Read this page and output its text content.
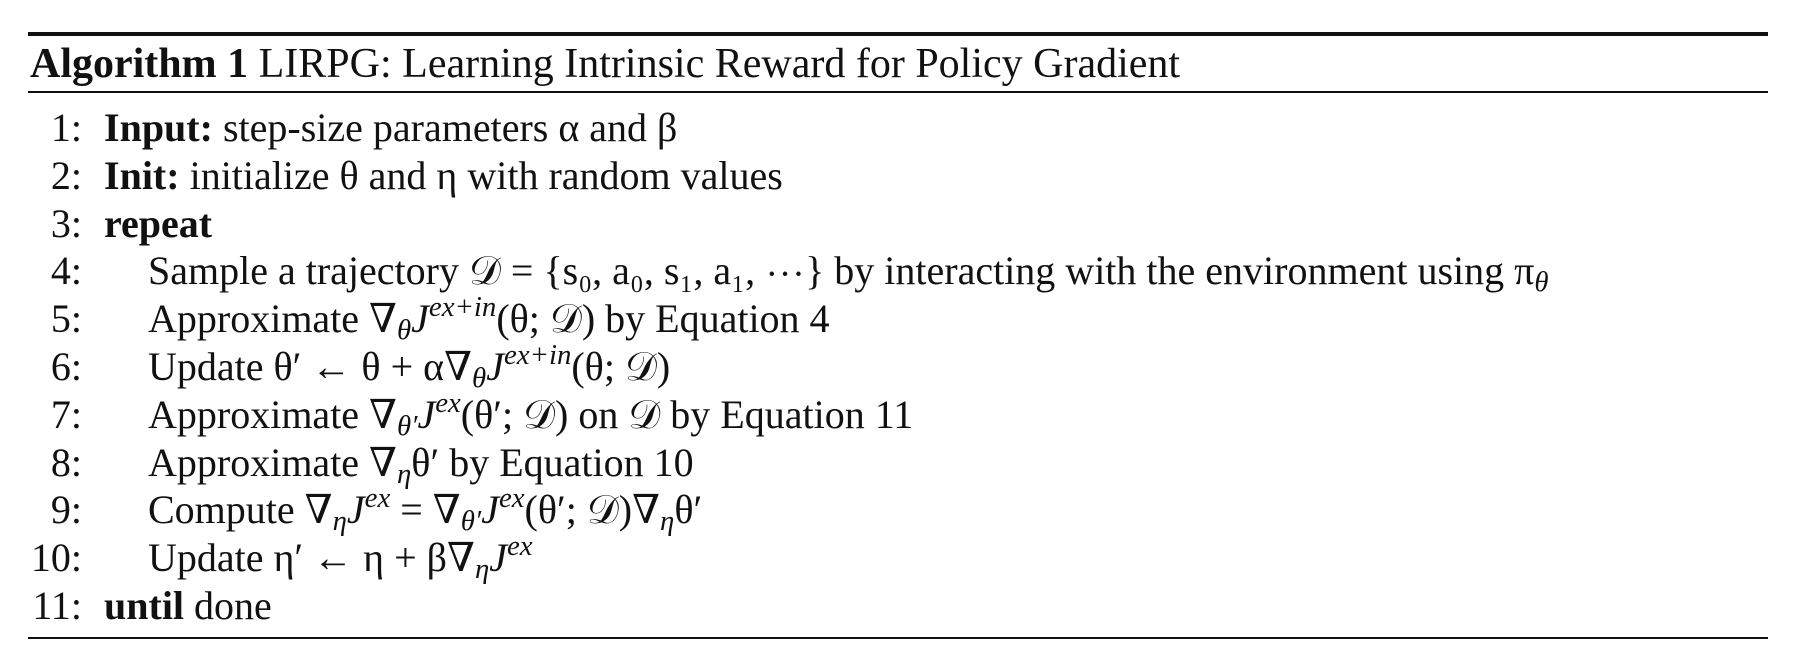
Algorithm 1 LIRPG: Learning Intrinsic Reward for Policy Gradient
1: Input: step-size parameters α and β
2: Init: initialize θ and η with random values
3: repeat
4: Sample a trajectory 𝒟 = {s₀, a₀, s₁, a₁, ⋯} by interacting with the environment using $\pi_\theta$
5: Approximate $\nabla_\theta J^{ex+in}(\theta$; 𝒟) by Equation 4
6: Update θ′ ← $\theta + \alpha\nabla_\theta J^{ex+in}(\theta$; 𝒟)
7: Approximate $\nabla_{\theta'}J^{ex}(\theta'$; 𝒟) on 𝒟 by Equation 11
8: Approximate $\nabla_\eta\theta'$ by Equation 10
9: Compute $\nabla_\eta J^{ex} = \nabla_{\theta'}J^{ex}(\theta'$; $𝒟)\nabla_\eta\theta'$
10: Update η′ ← $\eta + \beta\nabla_\eta J^{ex}$
11: until done
